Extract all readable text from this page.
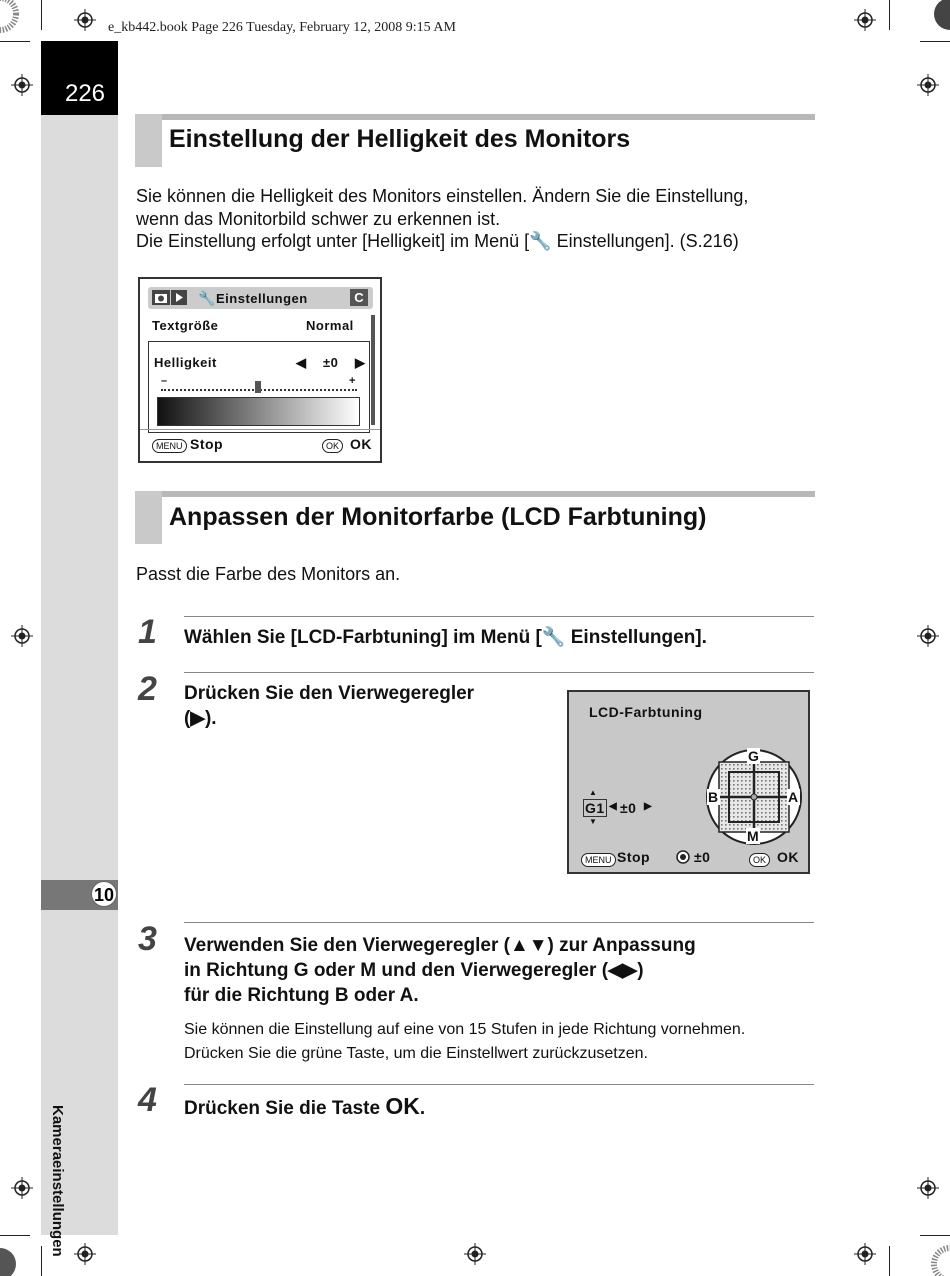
e_kb442.book Page 226 Tuesday, February 12, 2008 9:15 AM
226
10
Kameraeinstellungen
Einstellung der Helligkeit des Monitors
Sie können die Helligkeit des Monitors einstellen. Ändern Sie die Einstellung,
wenn das Monitorbild schwer zu erkennen ist.
Die Einstellung erfolgt unter [Helligkeit] im Menü [🔧 Einstellungen]. (S.216)
🔧 Einstellungen	C
Textgröße	Normal
Helligkeit	◀ ±0 ▶
–	+
MENU Stop	OK OK
Anpassen der Monitorfarbe (LCD Farbtuning)
Passt die Farbe des Monitors an.
1 Wählen Sie [LCD-Farbtuning] im Menü [🔧 Einstellungen].
2 Drücken Sie den Vierwegeregler
(▶).	LCD-Farbtuning
G
M
B	A
▲
G1
▼
◀ ±0 ▶
MENU Stop	±0	OK OK
3 Verwenden Sie den Vierwegeregler (▲▼) zur Anpassung
in Richtung G oder M und den Vierwegeregler (◀▶)
für die Richtung B oder A.
Sie können die Einstellung auf eine von 15 Stufen in jede Richtung vornehmen.
Drücken Sie die grüne Taste, um die Einstellwert zurückzusetzen.
4 Drücken Sie die Taste OK.
